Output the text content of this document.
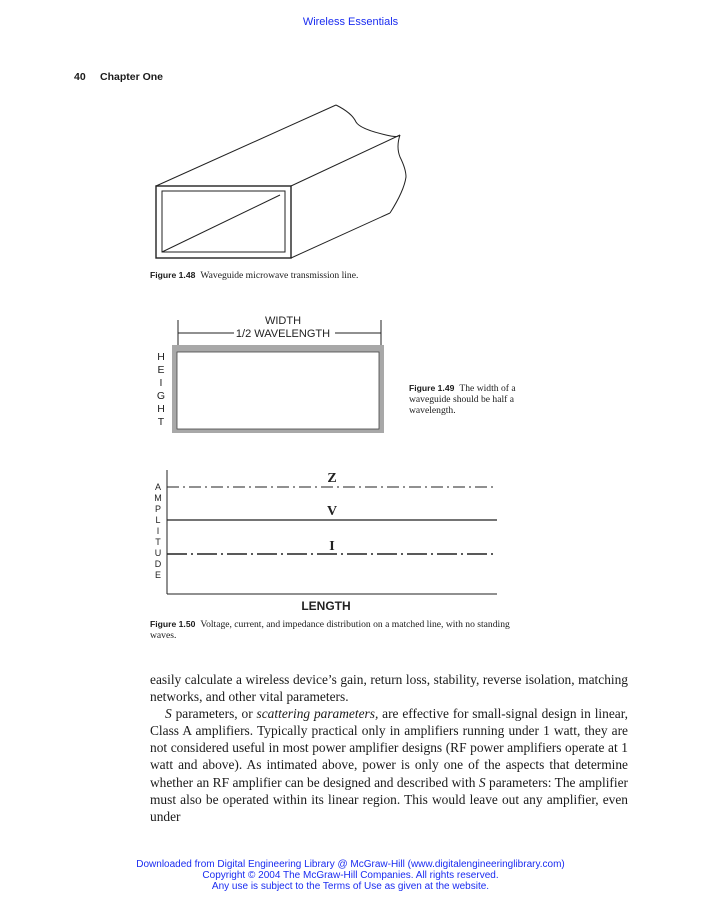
Wireless Essentials
40 Chapter One
Figure 1.48 Waveguide microwave transmission line.
WIDTH
1/2 WAVELENGTH
H
E
I
G
H
T
Figure 1.49 The width of a waveguide should be half a wavelength.
Z
V
I
A
M
P
L
I
T
U
D
E
LENGTH
Figure 1.50 Voltage, current, and impedance distribution on a matched line, with no standing waves.

easily calculate a wireless device’s gain, return loss, stability, reverse isolation, matching networks, and other vital parameters.

S parameters, or scattering parameters, are effective for small-signal design in linear, Class A amplifiers. Typically practical only in amplifiers running under 1 watt, they are not considered useful in most power amplifier designs (RF power amplifiers operate at 1 watt and above). As intimated above, power is only one of the aspects that determine whether an RF amplifier can be designed and described with S parameters: The amplifier must also be operated within its linear region. This would leave out any amplifier, even under

Downloaded from Digital Engineering Library @ McGraw-Hill (www.digitalengineeringlibrary.com)
Copyright © 2004 The McGraw-Hill Companies. All rights reserved.
Any use is subject to the Terms of Use as given at the website.
